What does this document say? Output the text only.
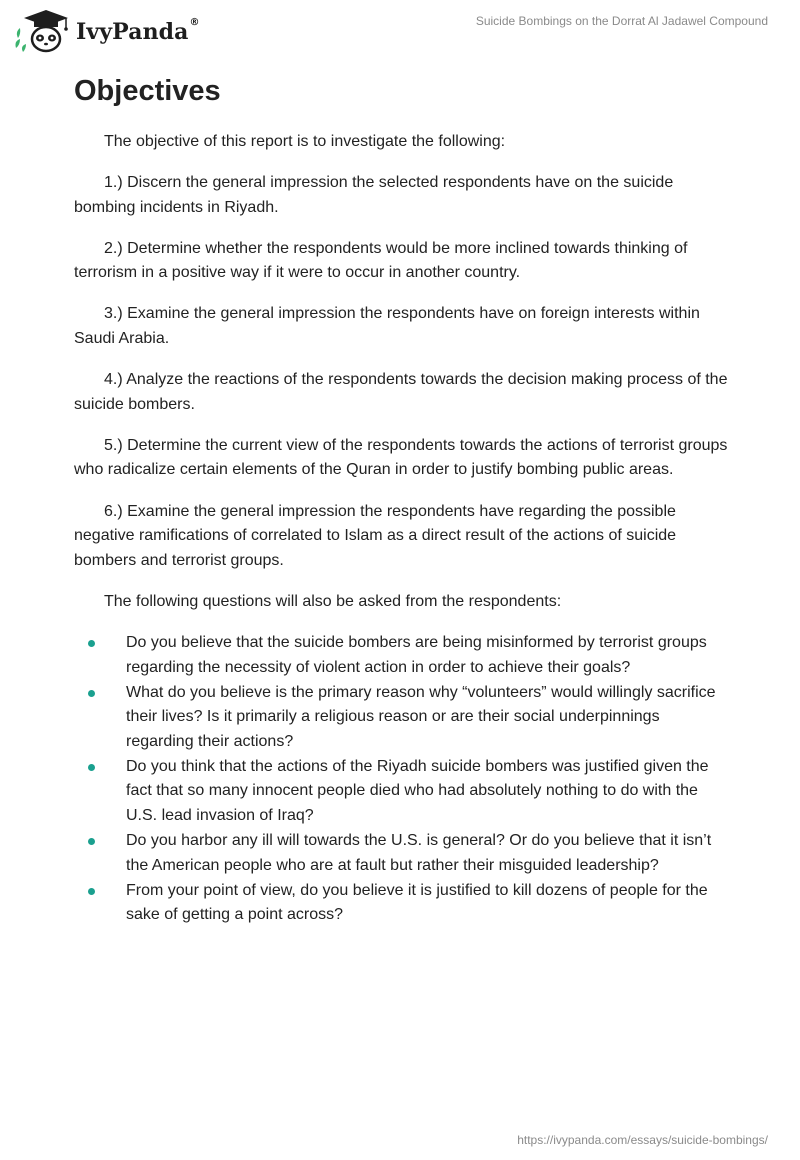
IvyPanda®	Suicide Bombings on the Dorrat Al Jadawel Compound
Objectives

The objective of this report is to investigate the following:

1.) Discern the general impression the selected respondents have on the suicide bombing incidents in Riyadh.

2.) Determine whether the respondents would be more inclined towards thinking of terrorism in a positive way if it were to occur in another country.

3.) Examine the general impression the respondents have on foreign interests within Saudi Arabia.

4.) Analyze the reactions of the respondents towards the decision making process of the suicide bombers.

5.) Determine the current view of the respondents towards the actions of terrorist groups who radicalize certain elements of the Quran in order to justify bombing public areas.

6.) Examine the general impression the respondents have regarding the possible negative ramifications of correlated to Islam as a direct result of the actions of suicide bombers and terrorist groups.

The following questions will also be asked from the respondents:

Do you believe that the suicide bombers are being misinformed by terrorist groups regarding the necessity of violent action in order to achieve their goals?
What do you believe is the primary reason why “volunteers” would willingly sacrifice their lives? Is it primarily a religious reason or are their social underpinnings regarding their actions?
Do you think that the actions of the Riyadh suicide bombers was justified given the fact that so many innocent people died who had absolutely nothing to do with the U.S. lead invasion of Iraq?
Do you harbor any ill will towards the U.S. is general? Or do you believe that it isn’t the American people who are at fault but rather their misguided leadership?
From your point of view, do you believe it is justified to kill dozens of people for the sake of getting a point across?
https://ivypanda.com/essays/suicide-bombings/
